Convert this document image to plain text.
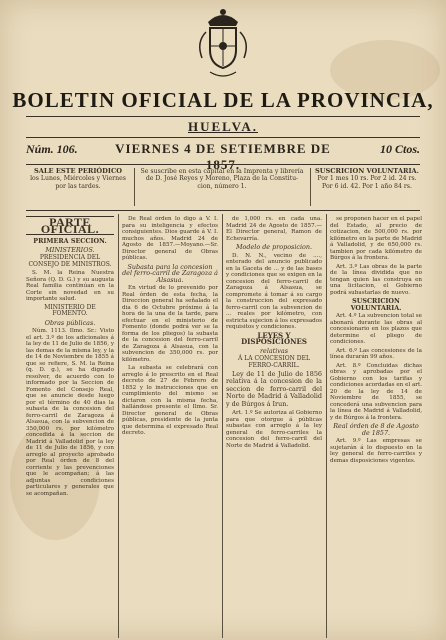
BOLETIN OFICIAL DE LA PROVINCIA,
HUELVA.
Núm. 106.	VIERNES 4 DE SETIEMBRE DE 1857.
10 Ctos.
SALE ESTE PERIÓDICO
los Lunes, Miércoles y Viernes
por las tardes.
Se suscribe en esta capital en la Imprenta y librería
de D. José Reyes y Moreno, Plaza de la Constitu-
cion, número 1.
SUSCRICION VOLUNTARIA.
Por 1 mes 10 rs. Por 2 id. 24 rs.
Por 6 id. 42. Por 1 año 84 rs.
PARTE OFICIAL.
PRIMERA SECCION.
MINISTERIOS.
PRESIDENCIA DEL CONSEJO DE MINISTROS.

S. M. la Reina Nuestra Señora (Q. D. G.) y su augusta Real familia continúan en la Corte sin novedad en su importante salud.

MINISTERIO DE FOMENTO.
Obras públicas.

Núm. 1113. Ilmo. Sr.: Visto el art. 3.º de los adicionales á la ley de 11 de Julio de 1856, y las demas de la misma ley, y la de 14 de Noviembre de 1855 á que se refiere, S. M. la Reina (q. D. g.), se ha dignado resolver, de acuerdo con lo informado por la Seccion de Fomento del Consejo Real, que se anuncie desde luego por el término de 40 dias la subasta de la concesion del ferro-carril de Zaragoza á Alsasua, con la subvencion de 350,000 rs. por kilómetro concedida á la seccion de Madrid á Valladolid por la ley de 11 de Julio de 1856, y con arreglo al proyecto aprobado por Real órden de 8 del corriente y las prevenciones que le acompañan; á las adjuntas condiciones particulares y generales que se acompañan.

De Real órden lo digo á V. I. para su inteligencia y efectos consiguientes. Dios guarde á V. I. muchos años. Madrid 24 de Agosto de 1857.—Moyano.—Sr. Director general de Obras públicas.

Subasta para la concesion del ferro-carril de Zaragoza á Alsasua.

En virtud de lo prevenido por Real órden de esta fecha, la Direccion general ha señalado el dia 6 de Octubre próximo á la hora de la una de la tarde, para efectuar en el ministerio de Fomento (donde podrá ver se la forma de los pliegos) la subasta de la concesion del ferro-carril de Zaragoza á Alsasua, con la subvencion de 350,000 rs. por kilómetro.

La subasta se celebrará con arreglo á lo prescrito en el Real decreto de 27 de Febrero de 1852 y lo instrucciones que en cumplimiento del mismo se dictaron con la misma fecha, hallándose presente el Ilmo. Sr. Director general de Obras públicas, presidente de la junta que determina el expresado Real decreto.

de 1,000 rs. en cada una. Madrid 24 de Agosto de 1857.—El Director general, Ramon de Echevarría.

Modelo de proposicion.

D. N. N., vecino de ...., enterado del anuncio publicado en la Gaceta de ... y de las bases y condiciones que se exigen en la concesion del ferro-carril de Zaragoza á Alsasua, se compromete á tomar á su cargo la construccion del expresado ferro-carril con la subvencion de ... reales por kilómetro, con estricta sujecion á los expresados requisitos y condiciones.

LEYES Y DISPOSICIONES
relativas
Á LA CONCESION DEL FERRO-CARRIL.

Ley de 11 de Julio de 1856 relativa á la concesion de la seccion de ferro-carril del Norte de Madrid á Valladolid y de Búrgos á Irun.

Art. 1.º Se autoriza al Gobierno para que otorgue á públicas subastas con arreglo á la ley general de ferro-carriles la concesion del ferro-carril del Norte de Madrid á Valladolid.

se proponen hacer en el papel del Estado, al precio de cotizacion, de 500,000 rs. por kilómetro en la parte de Madrid á Valladolid, y de 650,000 rs. tambien por cada kilómetro de Búrgos á la frontera.

Art. 3.º Las obras de la parte de la línea dividida que no tengan quien las construya en una licitacion, el Gobierno podrá subastarlas de nuevo.

SUSCRICION VOLUNTARIA.

Art. 4.º La subvencion total se abonará durante las obras al concesionario en los plazos que determine el pliego de condiciones.

Art. 6.º Las concesiones de la línea durarán 99 años.

Art. 8.º Concluidas dichas obras y aprobadas por el Gobierno con los tarifas y condiciones acordadas en el art. 20 de la ley de 14 de Noviembre de 1855, se concederá una subvencion para la línea de Madrid á Valladolid, y de Búrgos á la frontera.

Real órden de 8 de Agosto de 1857.

Art. 9.º Las empresas se sujetarán á lo dispuesto en la ley general de ferro-carriles y demas disposiciones vigentes.
